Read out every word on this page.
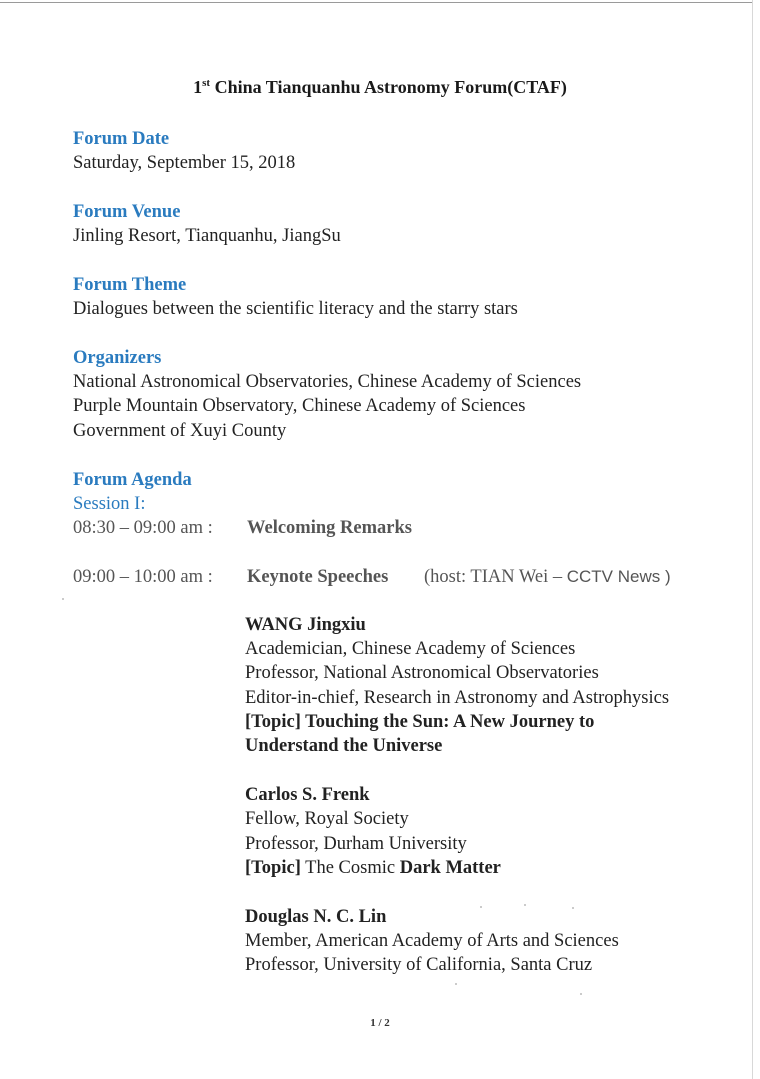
1st China Tianquanhu Astronomy Forum(CTAF)
Forum Date
Saturday, September 15, 2018
Forum Venue
Jinling Resort, Tianquanhu, JiangSu
Forum Theme
Dialogues between the scientific literacy and the starry stars
Organizers
National Astronomical Observatories, Chinese Academy of Sciences
Purple Mountain Observatory, Chinese Academy of Sciences
Government of Xuyi County
Forum Agenda
Session I:
08:30 – 09:00 am : Welcoming Remarks
09:00 – 10:00 am : Keynote Speeches (host: TIAN Wei – CCTV News )
WANG Jingxiu
Academician, Chinese Academy of Sciences
Professor, National Astronomical Observatories
Editor-in-chief, Research in Astronomy and Astrophysics
[Topic] Touching the Sun: A New Journey to
Understand the Universe
Carlos S. Frenk
Fellow, Royal Society
Professor, Durham University
[Topic] The Cosmic Dark Matter
Douglas N. C. Lin
Member, American Academy of Arts and Sciences
Professor, University of California, Santa Cruz
1 / 2
